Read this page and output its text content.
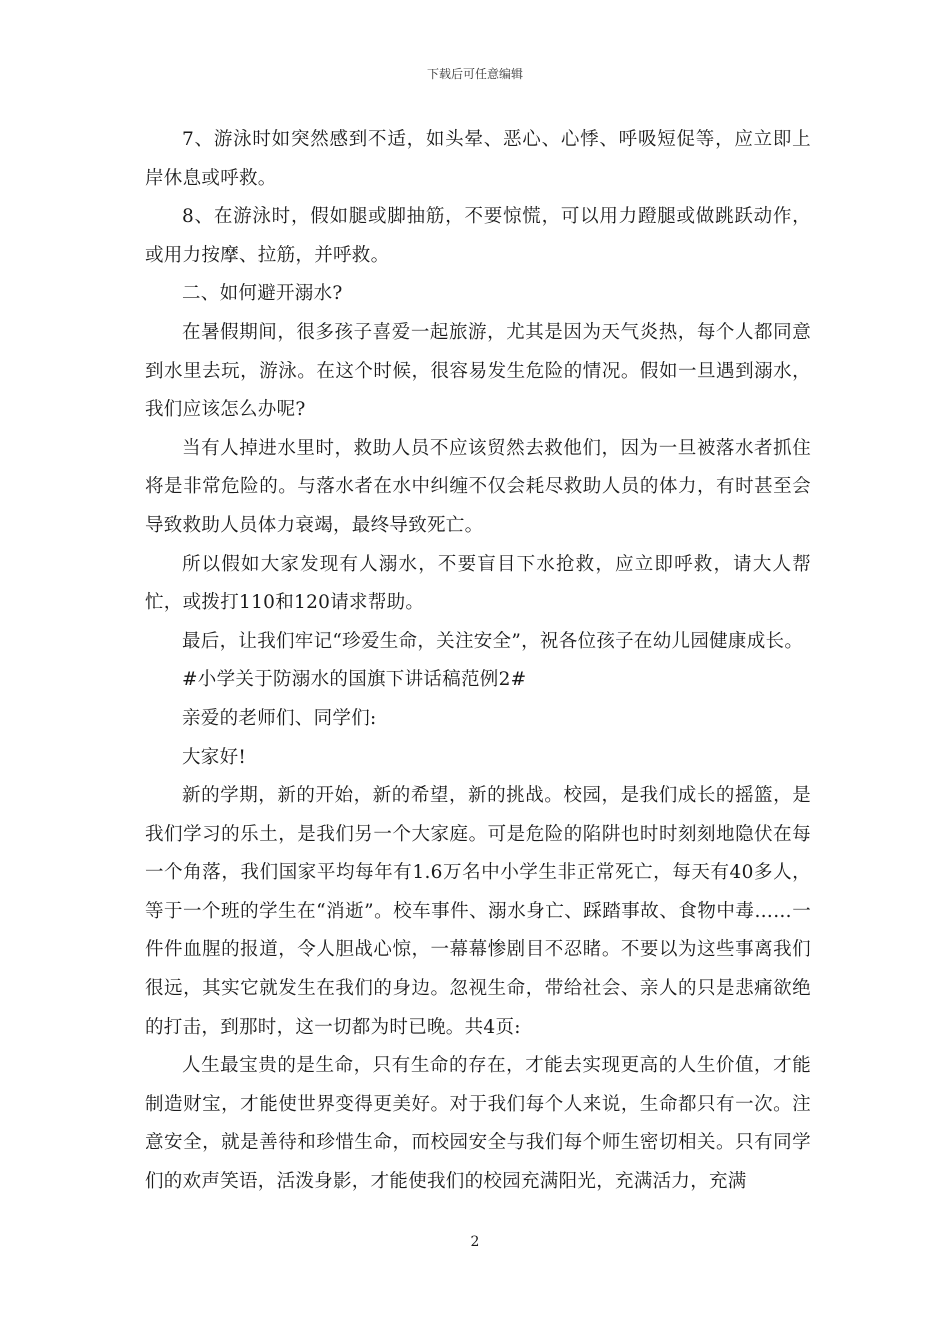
下载后可任意编辑

7、游泳时如突然感到不适，如头晕、恶心、心悸、呼吸短促等，应立即上岸休息或呼救。

8、在游泳时，假如腿或脚抽筋，不要惊慌，可以用力蹬腿或做跳跃动作，或用力按摩、拉筋，并呼救。

二、如何避开溺水?

在暑假期间，很多孩子喜爱一起旅游，尤其是因为天气炎热，每个人都同意到水里去玩，游泳。在这个时候，很容易发生危险的情况。假如一旦遇到溺水，我们应该怎么办呢?

当有人掉进水里时，救助人员不应该贸然去救他们，因为一旦被落水者抓住将是非常危险的。与落水者在水中纠缠不仅会耗尽救助人员的体力，有时甚至会导致救助人员体力衰竭，最终导致死亡。

所以假如大家发现有人溺水，不要盲目下水抢救，应立即呼救，请大人帮忙，或拨打110和120请求帮助。

最后，让我们牢记“珍爱生命，关注安全”，祝各位孩子在幼儿园健康成长。

#小学关于防溺水的国旗下讲话稿范例2#

亲爱的老师们、同学们:

大家好!

新的学期，新的开始，新的希望，新的挑战。校园，是我们成长的摇篮，是我们学习的乐土，是我们另一个大家庭。可是危险的陷阱也时时刻刻地隐伏在每一个角落，我们国家平均每年有1.6万名中小学生非正常死亡，每天有40多人，等于一个班的学生在“消逝”。校车事件、溺水身亡、踩踏事故、食物中毒……一件件血腥的报道，令人胆战心惊，一幕幕惨剧目不忍睹。不要以为这些事离我们很远，其实它就发生在我们的身边。忽视生命，带给社会、亲人的只是悲痛欲绝的打击，到那时，这一切都为时已晚。共4页:

人生最宝贵的是生命，只有生命的存在，才能去实现更高的人生价值，才能制造财宝，才能使世界变得更美好。对于我们每个人来说，生命都只有一次。注意安全，就是善待和珍惜生命，而校园安全与我们每个师生密切相关。只有同学们的欢声笑语，活泼身影，才能使我们的校园充满阳光，充满活力，充满

2
